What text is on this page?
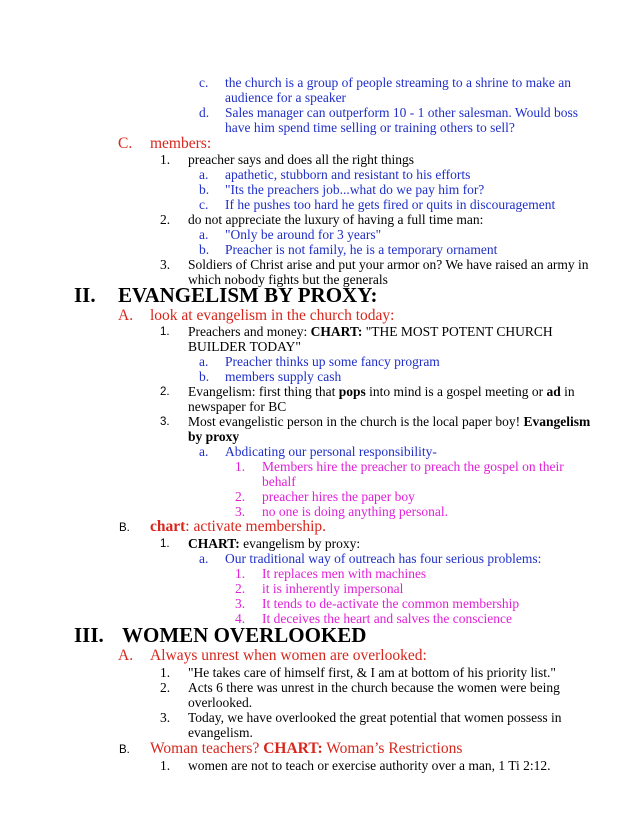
c. the church is a group of people streaming to a shrine to make an
audience for a speaker
d. Sales manager can outperform 10 - 1 other salesman. Would boss
have him spend time selling or training others to sell?
C. members:
1. preacher says and does all the right things
a. apathetic, stubborn and resistant to his efforts
b. "Its the preachers job...what do we pay him for?
c. If he pushes too hard he gets fired or quits in discouragement
2. do not appreciate the luxury of having a full time man:
a. "Only be around for 3 years"
b. Preacher is not family, he is a temporary ornament
3. Soldiers of Christ arise and put your armor on? We have raised an army in
which nobody fights but the generals
II. EVANGELISM BY PROXY:
A. look at evangelism in the church today:
1. Preachers and money: CHART: "THE MOST POTENT CHURCH
BUILDER TODAY"
a. Preacher thinks up some fancy program
b. members supply cash
2. Evangelism: first thing that pops into mind is a gospel meeting or ad in
newspaper for BC
3. Most evangelistic person in the church is the local paper boy! Evangelism
by proxy
a. Abdicating our personal responsibility-
1. Members hire the preacher to preach the gospel on their
behalf
2. preacher hires the paper boy
3. no one is doing anything personal.
B. chart: activate membership.
1. CHART: evangelism by proxy:
a. Our traditional way of outreach has four serious problems:
1. It replaces men with machines
2. it is inherently impersonal
3. It tends to de-activate the common membership
4. It deceives the heart and salves the conscience
III. WOMEN OVERLOOKED
A. Always unrest when women are overlooked:
1. "He takes care of himself first, & I am at bottom of his priority list."
2. Acts 6 there was unrest in the church because the women were being
overlooked.
3. Today, we have overlooked the great potential that women possess in
evangelism.
B. Woman teachers? CHART: Woman’s Restrictions
1. women are not to teach or exercise authority over a man, 1 Ti 2:12.
